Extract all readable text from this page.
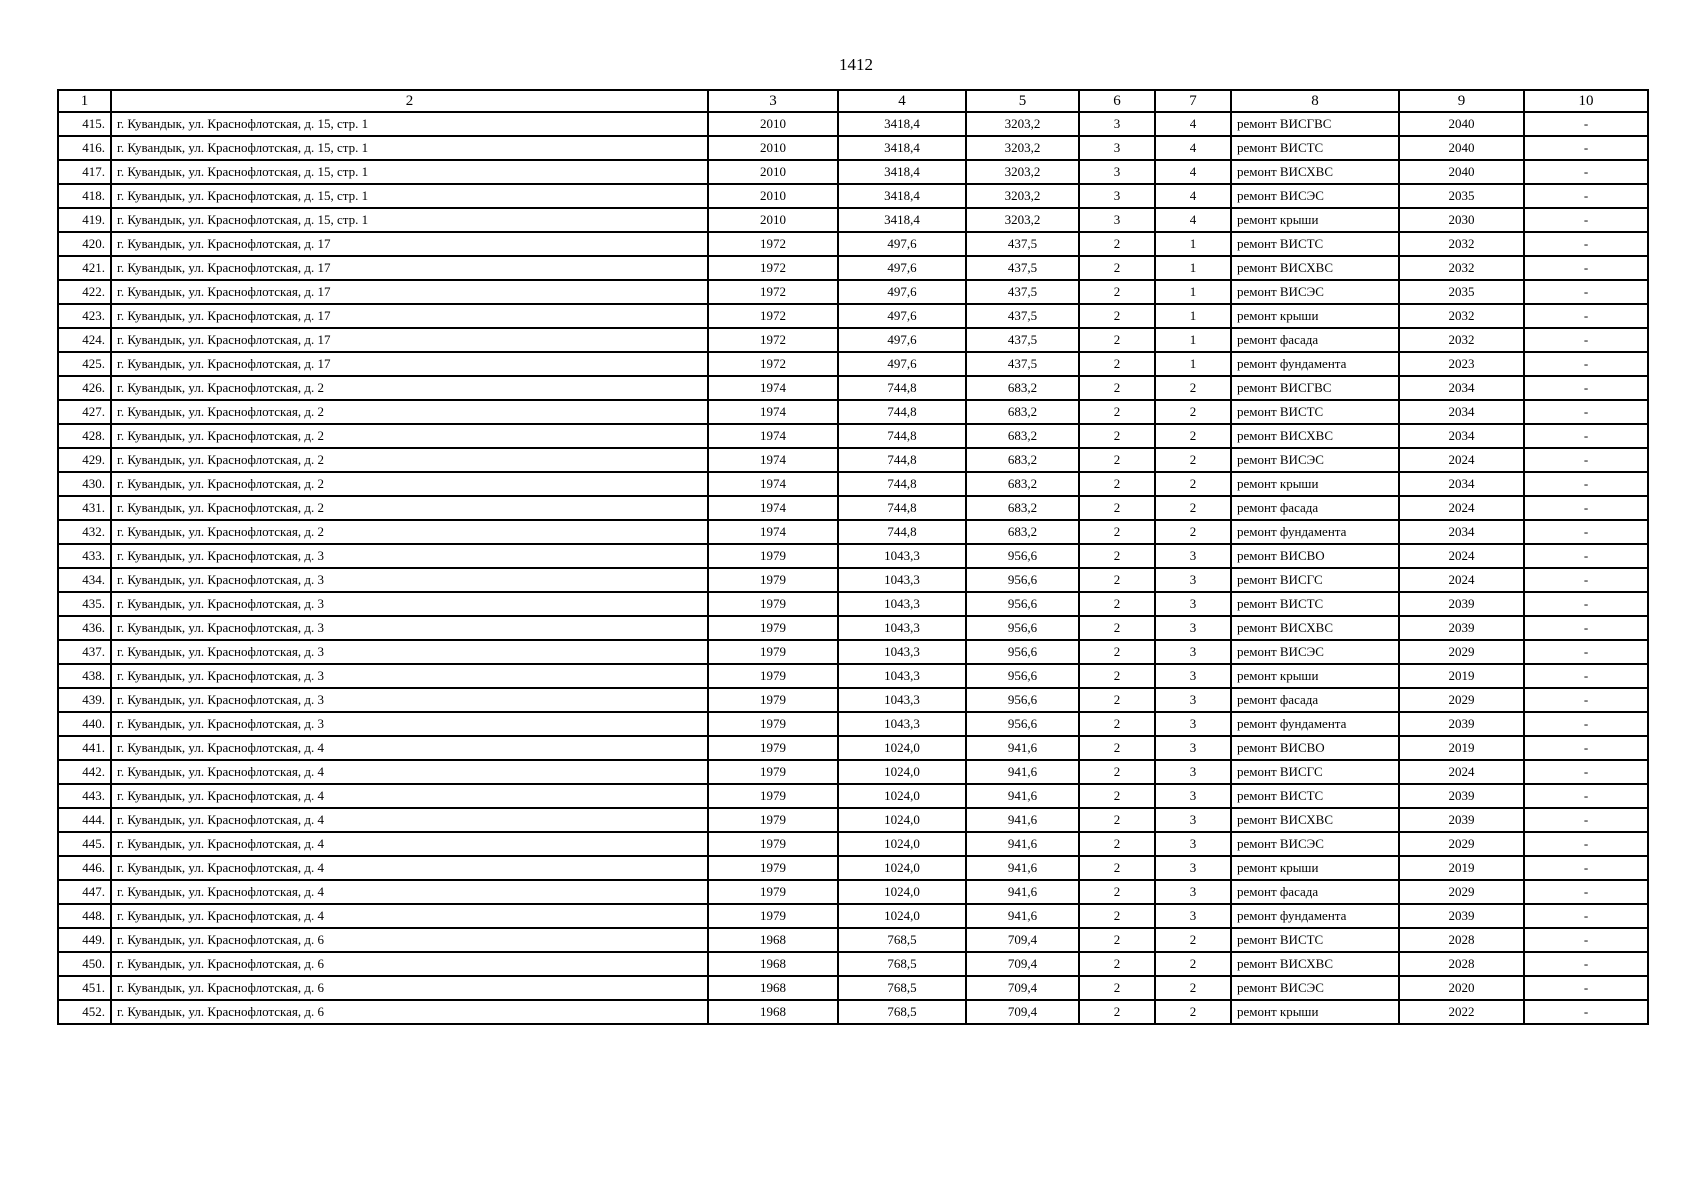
1412
1	2	3	4	5	6	7	8	9	10
415.	г. Кувандык, ул. Краснофлотская, д. 15, стр. 1	2010	3418,4	3203,2	3	4	ремонт ВИСГВС	2040	-
416.	г. Кувандык, ул. Краснофлотская, д. 15, стр. 1	2010	3418,4	3203,2	3	4	ремонт ВИСТС	2040	-
417.	г. Кувандык, ул. Краснофлотская, д. 15, стр. 1	2010	3418,4	3203,2	3	4	ремонт ВИСХВС	2040	-
418.	г. Кувандык, ул. Краснофлотская, д. 15, стр. 1	2010	3418,4	3203,2	3	4	ремонт ВИСЭС	2035	-
419.	г. Кувандык, ул. Краснофлотская, д. 15, стр. 1	2010	3418,4	3203,2	3	4	ремонт крыши	2030	-
420.	г. Кувандык, ул. Краснофлотская, д. 17	1972	497,6	437,5	2	1	ремонт ВИСТС	2032	-
421.	г. Кувандык, ул. Краснофлотская, д. 17	1972	497,6	437,5	2	1	ремонт ВИСХВС	2032	-
422.	г. Кувандык, ул. Краснофлотская, д. 17	1972	497,6	437,5	2	1	ремонт ВИСЭС	2035	-
423.	г. Кувандык, ул. Краснофлотская, д. 17	1972	497,6	437,5	2	1	ремонт крыши	2032	-
424.	г. Кувандык, ул. Краснофлотская, д. 17	1972	497,6	437,5	2	1	ремонт фасада	2032	-
425.	г. Кувандык, ул. Краснофлотская, д. 17	1972	497,6	437,5	2	1	ремонт фундамента	2023	-
426.	г. Кувандык, ул. Краснофлотская, д. 2	1974	744,8	683,2	2	2	ремонт ВИСГВС	2034	-
427.	г. Кувандык, ул. Краснофлотская, д. 2	1974	744,8	683,2	2	2	ремонт ВИСТС	2034	-
428.	г. Кувандык, ул. Краснофлотская, д. 2	1974	744,8	683,2	2	2	ремонт ВИСХВС	2034	-
429.	г. Кувандык, ул. Краснофлотская, д. 2	1974	744,8	683,2	2	2	ремонт ВИСЭС	2024	-
430.	г. Кувандык, ул. Краснофлотская, д. 2	1974	744,8	683,2	2	2	ремонт крыши	2034	-
431.	г. Кувандык, ул. Краснофлотская, д. 2	1974	744,8	683,2	2	2	ремонт фасада	2024	-
432.	г. Кувандык, ул. Краснофлотская, д. 2	1974	744,8	683,2	2	2	ремонт фундамента	2034	-
433.	г. Кувандык, ул. Краснофлотская, д. 3	1979	1043,3	956,6	2	3	ремонт ВИСВО	2024	-
434.	г. Кувандык, ул. Краснофлотская, д. 3	1979	1043,3	956,6	2	3	ремонт ВИСГС	2024	-
435.	г. Кувандык, ул. Краснофлотская, д. 3	1979	1043,3	956,6	2	3	ремонт ВИСТС	2039	-
436.	г. Кувандык, ул. Краснофлотская, д. 3	1979	1043,3	956,6	2	3	ремонт ВИСХВС	2039	-
437.	г. Кувандык, ул. Краснофлотская, д. 3	1979	1043,3	956,6	2	3	ремонт ВИСЭС	2029	-
438.	г. Кувандык, ул. Краснофлотская, д. 3	1979	1043,3	956,6	2	3	ремонт крыши	2019	-
439.	г. Кувандык, ул. Краснофлотская, д. 3	1979	1043,3	956,6	2	3	ремонт фасада	2029	-
440.	г. Кувандык, ул. Краснофлотская, д. 3	1979	1043,3	956,6	2	3	ремонт фундамента	2039	-
441.	г. Кувандык, ул. Краснофлотская, д. 4	1979	1024,0	941,6	2	3	ремонт ВИСВО	2019	-
442.	г. Кувандык, ул. Краснофлотская, д. 4	1979	1024,0	941,6	2	3	ремонт ВИСГС	2024	-
443.	г. Кувандык, ул. Краснофлотская, д. 4	1979	1024,0	941,6	2	3	ремонт ВИСТС	2039	-
444.	г. Кувандык, ул. Краснофлотская, д. 4	1979	1024,0	941,6	2	3	ремонт ВИСХВС	2039	-
445.	г. Кувандык, ул. Краснофлотская, д. 4	1979	1024,0	941,6	2	3	ремонт ВИСЭС	2029	-
446.	г. Кувандык, ул. Краснофлотская, д. 4	1979	1024,0	941,6	2	3	ремонт крыши	2019	-
447.	г. Кувандык, ул. Краснофлотская, д. 4	1979	1024,0	941,6	2	3	ремонт фасада	2029	-
448.	г. Кувандык, ул. Краснофлотская, д. 4	1979	1024,0	941,6	2	3	ремонт фундамента	2039	-
449.	г. Кувандык, ул. Краснофлотская, д. 6	1968	768,5	709,4	2	2	ремонт ВИСТС	2028	-
450.	г. Кувандык, ул. Краснофлотская, д. 6	1968	768,5	709,4	2	2	ремонт ВИСХВС	2028	-
451.	г. Кувандык, ул. Краснофлотская, д. 6	1968	768,5	709,4	2	2	ремонт ВИСЭС	2020	-
452.	г. Кувандык, ул. Краснофлотская, д. 6	1968	768,5	709,4	2	2	ремонт крыши	2022	-
